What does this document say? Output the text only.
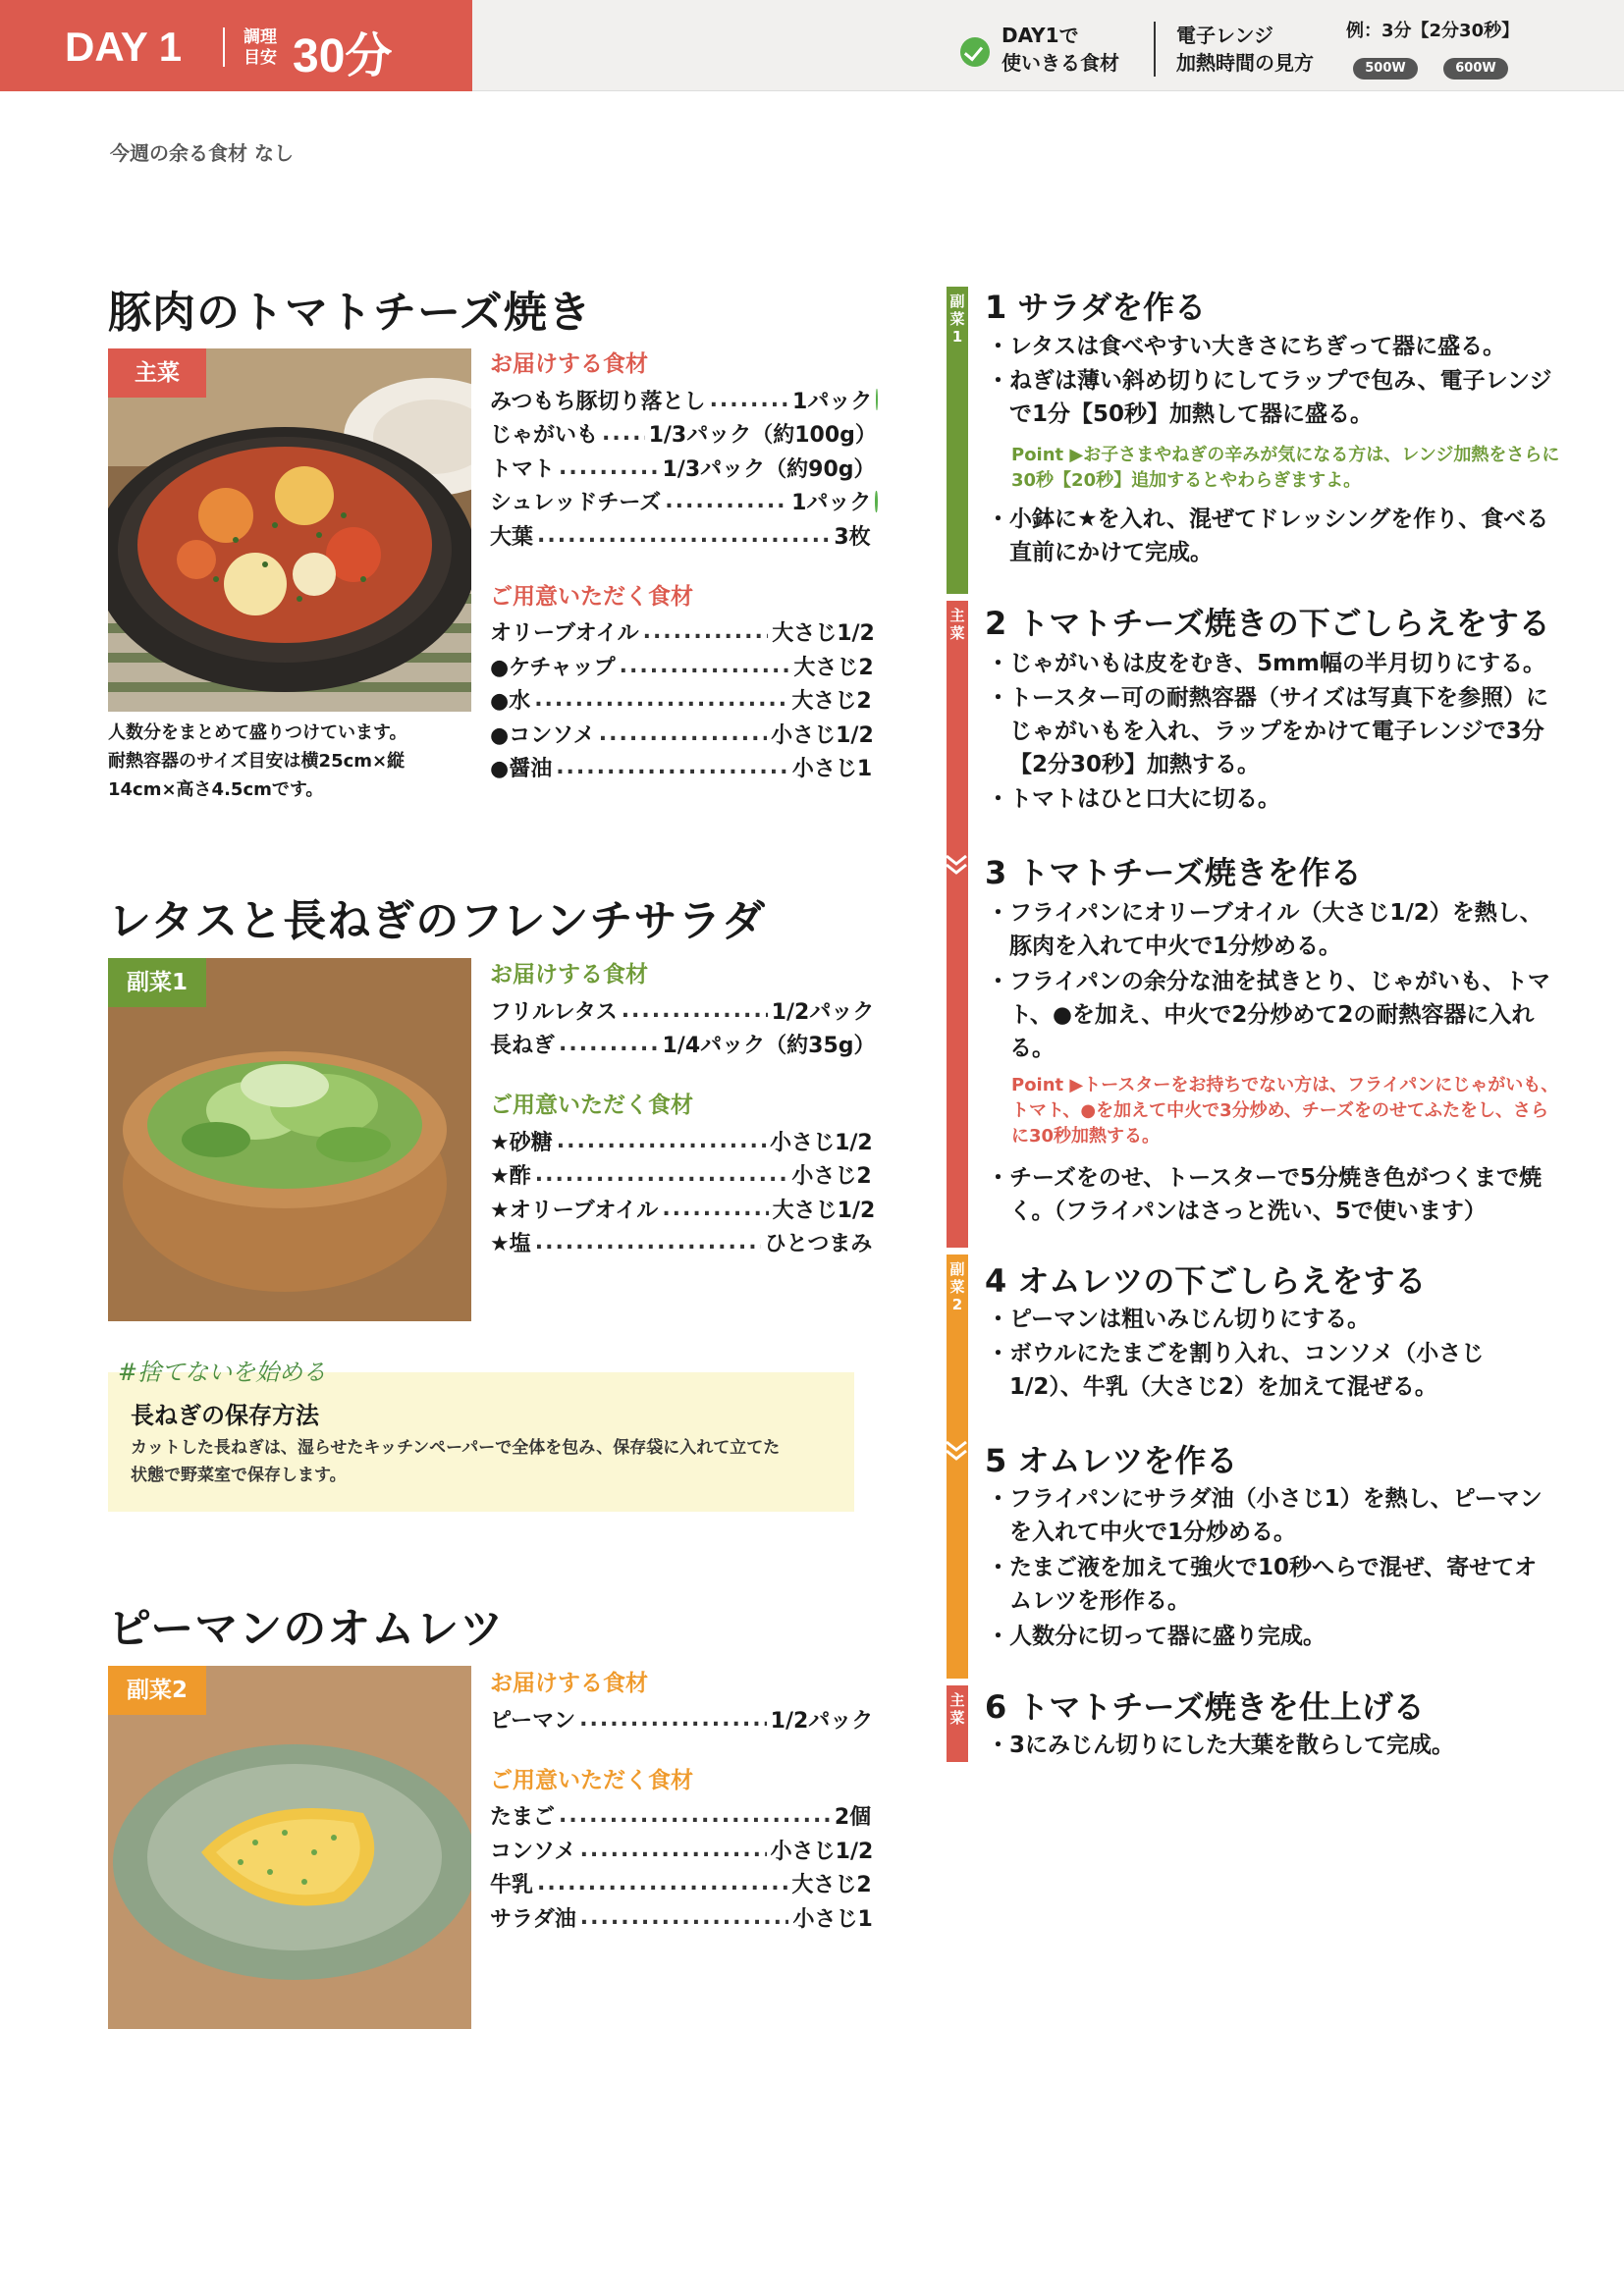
DAY 1	調理 目安 30分	DAY1で
使いきる食材
電子レンジ
加熱時間の見方
例：3分【2分30秒】
500W	600W
今週の余る食材 なし
豚肉のトマトチーズ焼き
主菜
人数分をまとめて盛りつけています。
耐熱容器のサイズ目安は横25cm×縦
14cm×高さ4.5cmです。
お届けする食材
みつもち豚切り落とし .....	1パック
じゃがいも ..... 1/3パック（約100g）
トマト .....	1/3パック（約90g）
シュレッドチーズ .....	1パック
大葉 .....	3枚
ご用意いただく食材
オリーブオイル .....	大さじ1/2
●ケチャップ .....	大さじ2
●水 .....	大さじ2
●コンソメ .....	小さじ1/2
●醤油 .....	小さじ1
レタスと長ねぎのフレンチサラダ
副菜1	お届けする食材
フリルレタス .....	1/2パック
長ねぎ .....	1/4パック（約35g）
ご用意いただく食材
★砂糖 .....	小さじ1/2
★酢 .....	小さじ2
★オリーブオイル .....	大さじ1/2
★塩 .....	ひとつまみ
#捨てないを始める
長ねぎの保存方法
カットした長ねぎは、湿らせたキッチンペーパーで全体を包み、保存袋に入れて立てた
状態で野菜室で保存します。
ピーマンのオムレツ
副菜2	お届けする食材
ピーマン .....	1/2パック
ご用意いただく食材
たまご .....	2個
コンソメ .....	小さじ1/2
牛乳 .....	大さじ2
サラダ油 .....	小さじ1
副菜1
主菜
副菜2
主菜
1 サラダを作る
・ レタスは食べやすい大きさにちぎって器に盛る。
・ ねぎは薄い斜め切りにしてラップで包み、電子レンジで1分【50秒】加熱して器に盛る。
Point ▶お子さまやねぎの辛みが気になる方は、レンジ加熱をさらに30秒【20秒】追加するとやわらぎますよ。
・ 小鉢に★を入れ、混ぜてドレッシングを作り、食べる直前にかけて完成。
2 トマトチーズ焼きの下ごしらえをする
・ じゃがいもは皮をむき、5mm幅の半月切りにする。
・ トースター可の耐熱容器（サイズは写真下を参照）にじゃがいもを入れ、ラップをかけて電子レンジで3分【2分30秒】加熱する。
・ トマトはひと口大に切る。
3 トマトチーズ焼きを作る
・ フライパンにオリーブオイル（大さじ1/2）を熱し、豚肉を入れて中火で1分炒める。
・ フライパンの余分な油を拭きとり、じゃがいも、トマト、●を加え、中火で2分炒めて2の耐熱容器に入れる。
Point ▶トースターをお持ちでない方は、フライパンにじゃがいも、トマト、●を加えて中火で3分炒め、チーズをのせてふたをし、さらに30秒加熱する。
・ チーズをのせ、トースターで5分焼き色がつくまで焼く。（フライパンはさっと洗い、5で使います）
4 オムレツの下ごしらえをする
・ ピーマンは粗いみじん切りにする。
・ ボウルにたまごを割り入れ、コンソメ（小さじ1/2）、牛乳（大さじ2）を加えて混ぜる。
5 オムレツを作る
・ フライパンにサラダ油（小さじ1）を熱し、ピーマンを入れて中火で1分炒める。
・ たまご液を加えて強火で10秒へらで混ぜ、寄せてオムレツを形作る。
・ 人数分に切って器に盛り完成。
6 トマトチーズ焼きを仕上げる
・ 3にみじん切りにした大葉を散らして完成。
